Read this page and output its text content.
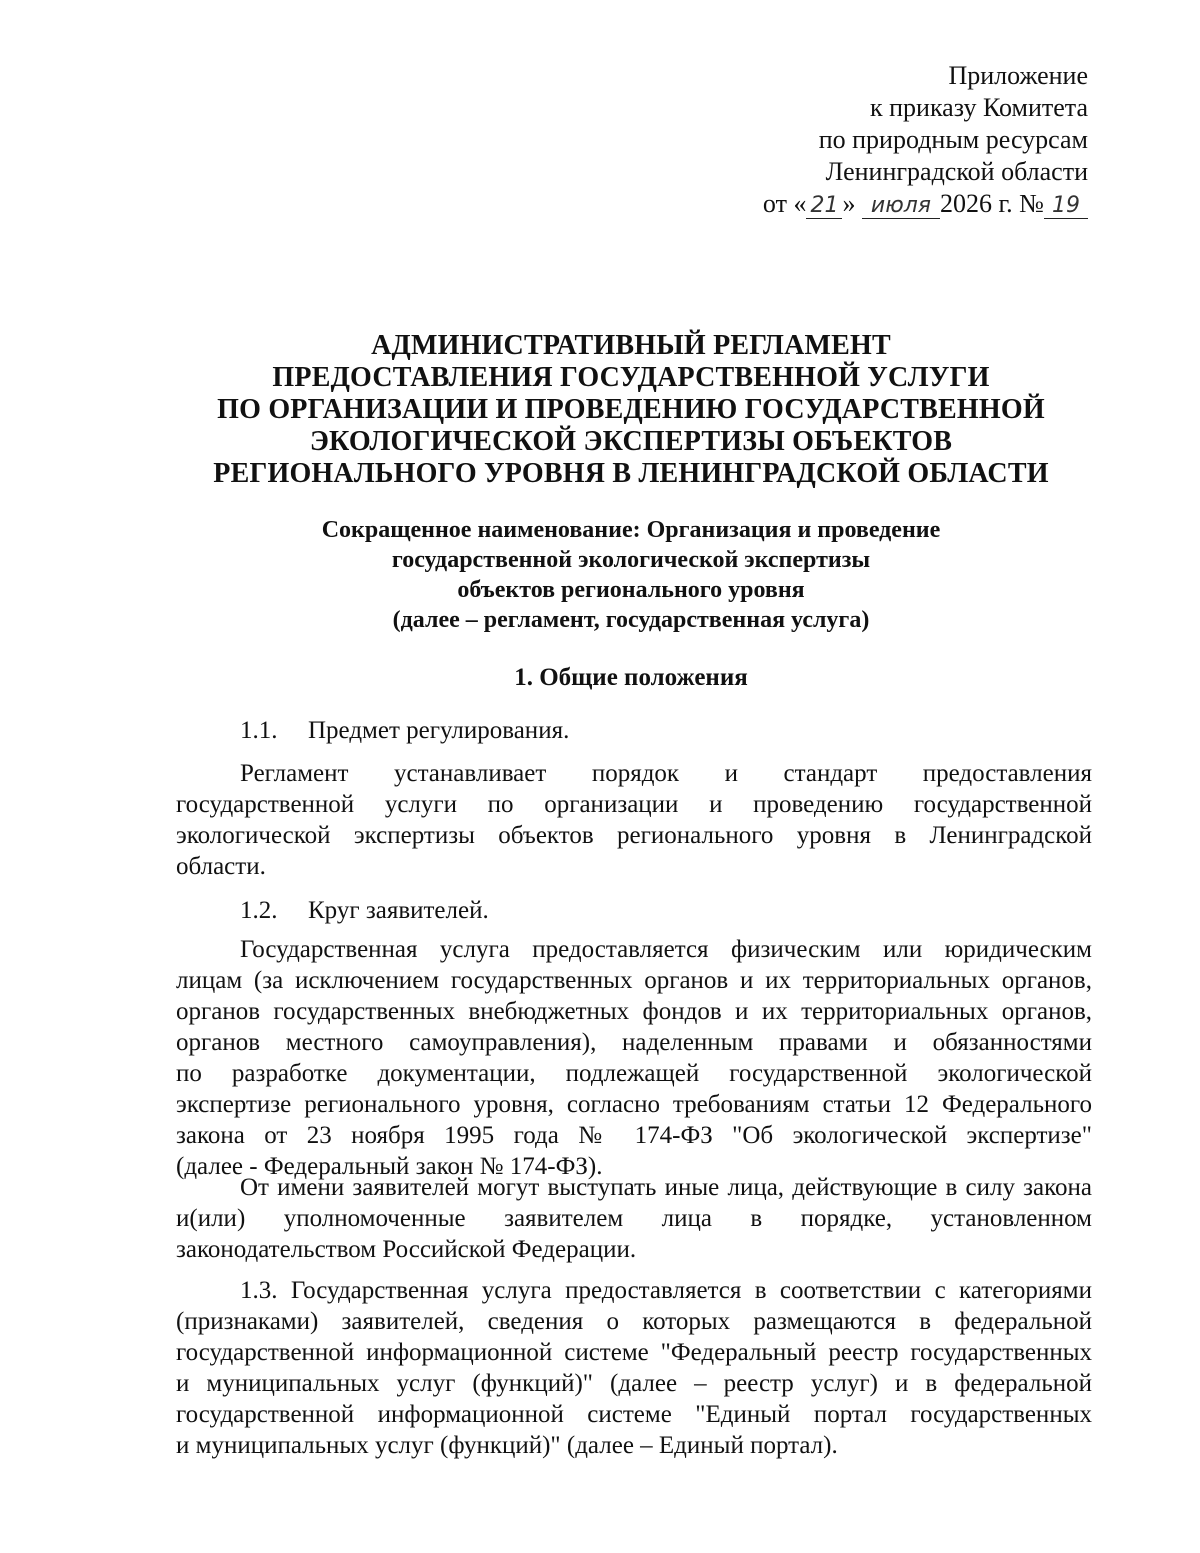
Приложение
к приказу Комитета
по природным ресурсам
Ленинградской области
от « 21 » июля 2026 г. № 19
АДМИНИСТРАТИВНЫЙ РЕГЛАМЕНТ
ПРЕДОСТАВЛЕНИЯ ГОСУДАРСТВЕННОЙ УСЛУГИ
ПО ОРГАНИЗАЦИИ И ПРОВЕДЕНИЮ ГОСУДАРСТВЕННОЙ
ЭКОЛОГИЧЕСКОЙ ЭКСПЕРТИЗЫ ОБЪЕКТОВ
РЕГИОНАЛЬНОГО УРОВНЯ В ЛЕНИНГРАДСКОЙ ОБЛАСТИ
Сокращенное наименование: Организация и проведение
государственной экологической экспертизы
объектов регионального уровня
(далее – регламент, государственная услуга)
1. Общие положения
1.1. Предмет регулирования.
Регламент устанавливает порядок и стандарт предоставления
государственной услуги по организации и проведению государственной
экологической экспертизы объектов регионального уровня в Ленинградской
области.
1.2. Круг заявителей.
Государственная услуга предоставляется физическим или юридическим
лицам (за исключением государственных органов и их территориальных органов,
органов государственных внебюджетных фондов и их территориальных органов,
органов местного самоуправления), наделенным правами и обязанностями
по разработке документации, подлежащей государственной экологической
экспертизе регионального уровня, согласно требованиям статьи 12 Федерального
закона от 23 ноября 1995 года № 174-ФЗ "Об экологической экспертизе"
(далее - Федеральный закон № 174-ФЗ).
От имени заявителей могут выступать иные лица, действующие в силу закона
и(или) уполномоченные заявителем лица в порядке, установленном
законодательством Российской Федерации.
1.3. Государственная услуга предоставляется в соответствии с категориями
(признаками) заявителей, сведения о которых размещаются в федеральной
государственной информационной системе "Федеральный реестр государственных
и муниципальных услуг (функций)" (далее – реестр услуг) и в федеральной
государственной информационной системе "Единый портал государственных
и муниципальных услуг (функций)" (далее – Единый портал).
